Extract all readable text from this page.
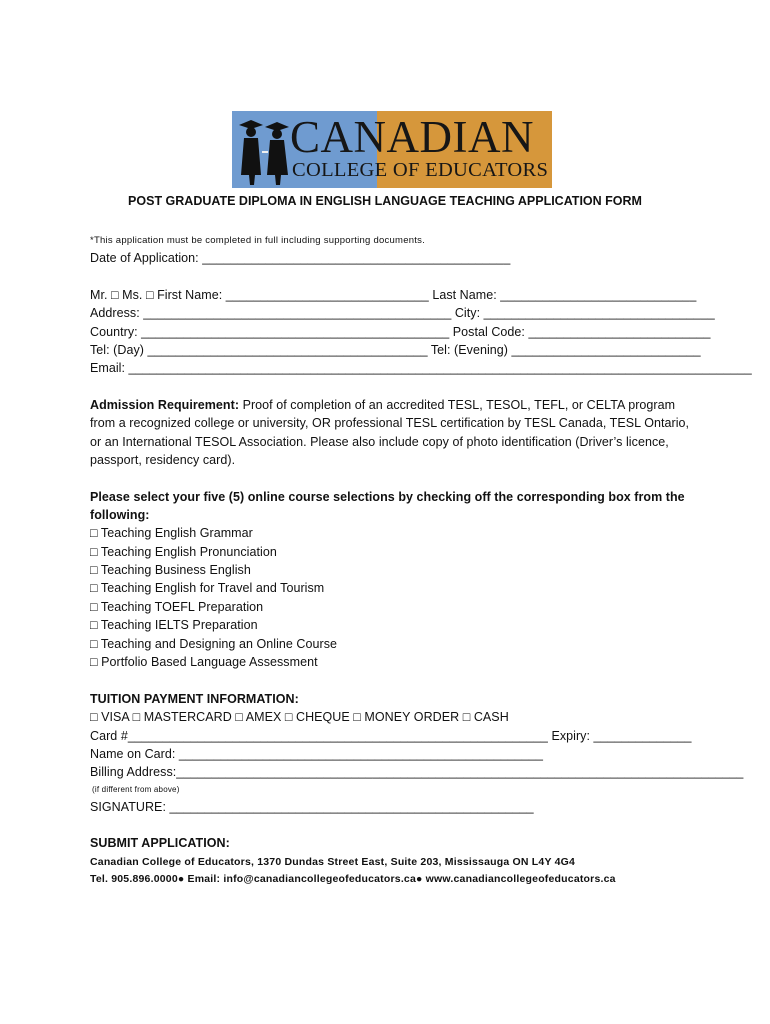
CANADIAN
COLLEGE OF EDUCATORS
POST GRADUATE DIPLOMA IN ENGLISH LANGUAGE TEACHING APPLICATION FORM
*This application must be completed in full including supporting documents.
Date of Application: ____________________________________________
Mr. □ Ms. □ First Name: _____________________________ Last Name: ____________________________
Address: ____________________________________________ City: _________________________________
Country: ____________________________________________ Postal Code: __________________________
Tel: (Day) ________________________________________ Tel: (Evening) ___________________________
Email: _________________________________________________________________________________________
Admission Requirement: Proof of completion of an accredited TESL, TESOL, TEFL, or CELTA program
from a recognized college or university, OR professional TESL certification by TESL Canada, TESL Ontario,
or an International TESOL Association. Please also include copy of photo identification (Driver’s licence,
passport, residency card).
Please select your five (5) online course selections by checking off the corresponding box from the
following:
□ Teaching English Grammar
□ Teaching English Pronunciation
□ Teaching Business English
□ Teaching English for Travel and Tourism
□ Teaching TOEFL Preparation
□ Teaching IELTS Preparation
□ Teaching and Designing an Online Course
□ Portfolio Based Language Assessment
TUITION PAYMENT INFORMATION:
□ VISA □ MASTERCARD □ AMEX □ CHEQUE □ MONEY ORDER □ CASH
Card #____________________________________________________________ Expiry: ______________
Name on Card: ____________________________________________________
Billing Address:_________________________________________________________________________________
(if different from above)
SIGNATURE: ____________________________________________________
SUBMIT APPLICATION:
Canadian College of Educators, 1370 Dundas Street East, Suite 203, Mississauga ON L4Y 4G4
Tel. 905.896.0000● Email: info@canadiancollegeofeducators.ca● www.canadiancollegeofeducators.ca
